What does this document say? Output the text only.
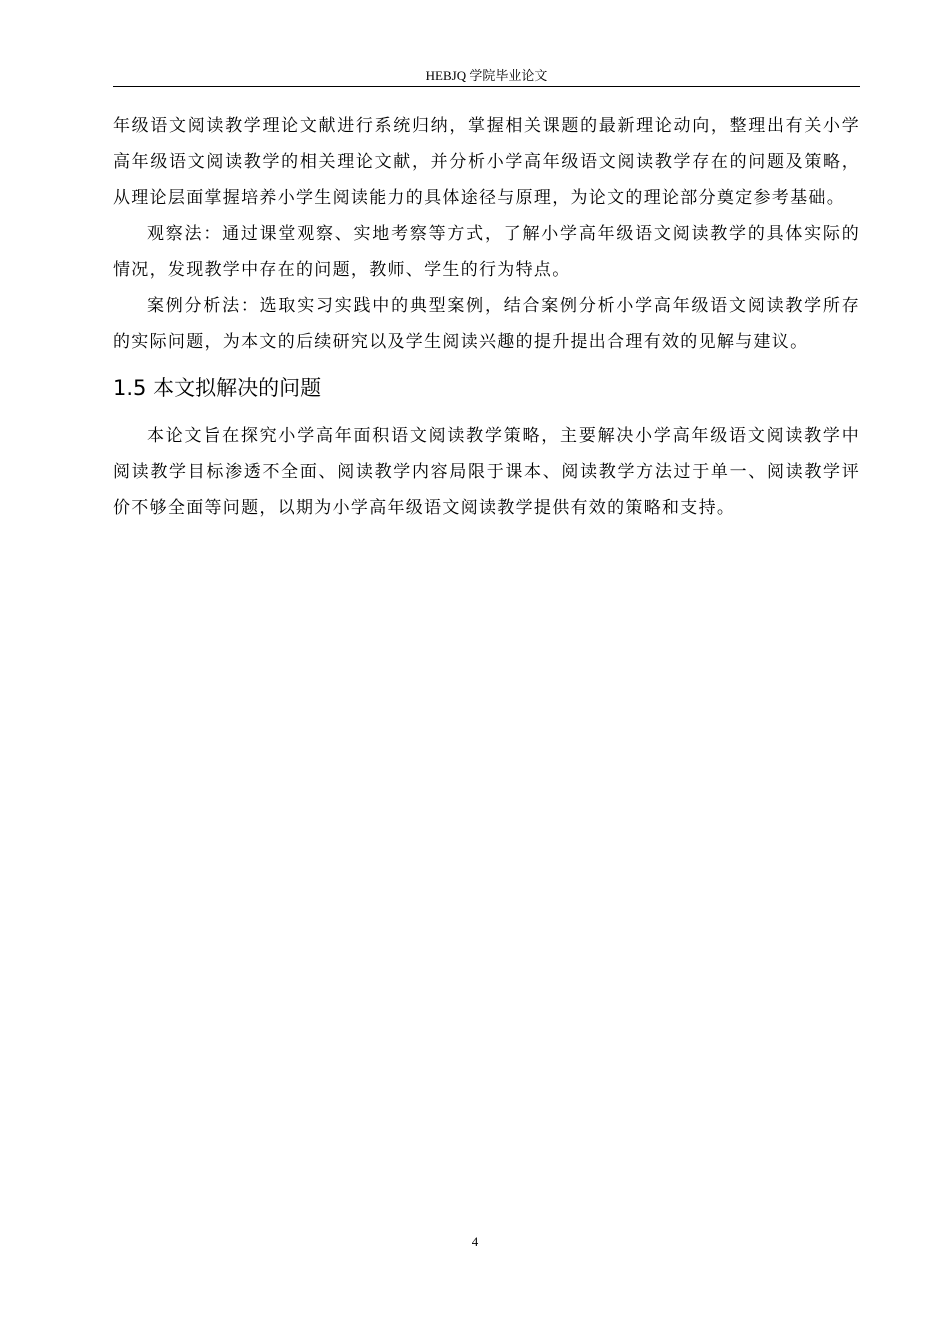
HEBJQ 学院毕业论文

年级语文阅读教学理论文献进行系统归纳，掌握相关课题的最新理论动向，整理出有关小学高年级语文阅读教学的相关理论文献，并分析小学高年级语文阅读教学存在的问题及策略，从理论层面掌握培养小学生阅读能力的具体途径与原理，为论文的理论部分奠定参考基础。

观察法：通过课堂观察、实地考察等方式，了解小学高年级语文阅读教学的具体实际的情况，发现教学中存在的问题，教师、学生的行为特点。

案例分析法：选取实习实践中的典型案例，结合案例分析小学高年级语文阅读教学所存的实际问题，为本文的后续研究以及学生阅读兴趣的提升提出合理有效的见解与建议。

1.5 本文拟解决的问题

本论文旨在探究小学高年面积语文阅读教学策略，主要解决小学高年级语文阅读教学中阅读教学目标渗透不全面、阅读教学内容局限于课本、阅读教学方法过于单一、阅读教学评价不够全面等问题，以期为小学高年级语文阅读教学提供有效的策略和支持。

4
